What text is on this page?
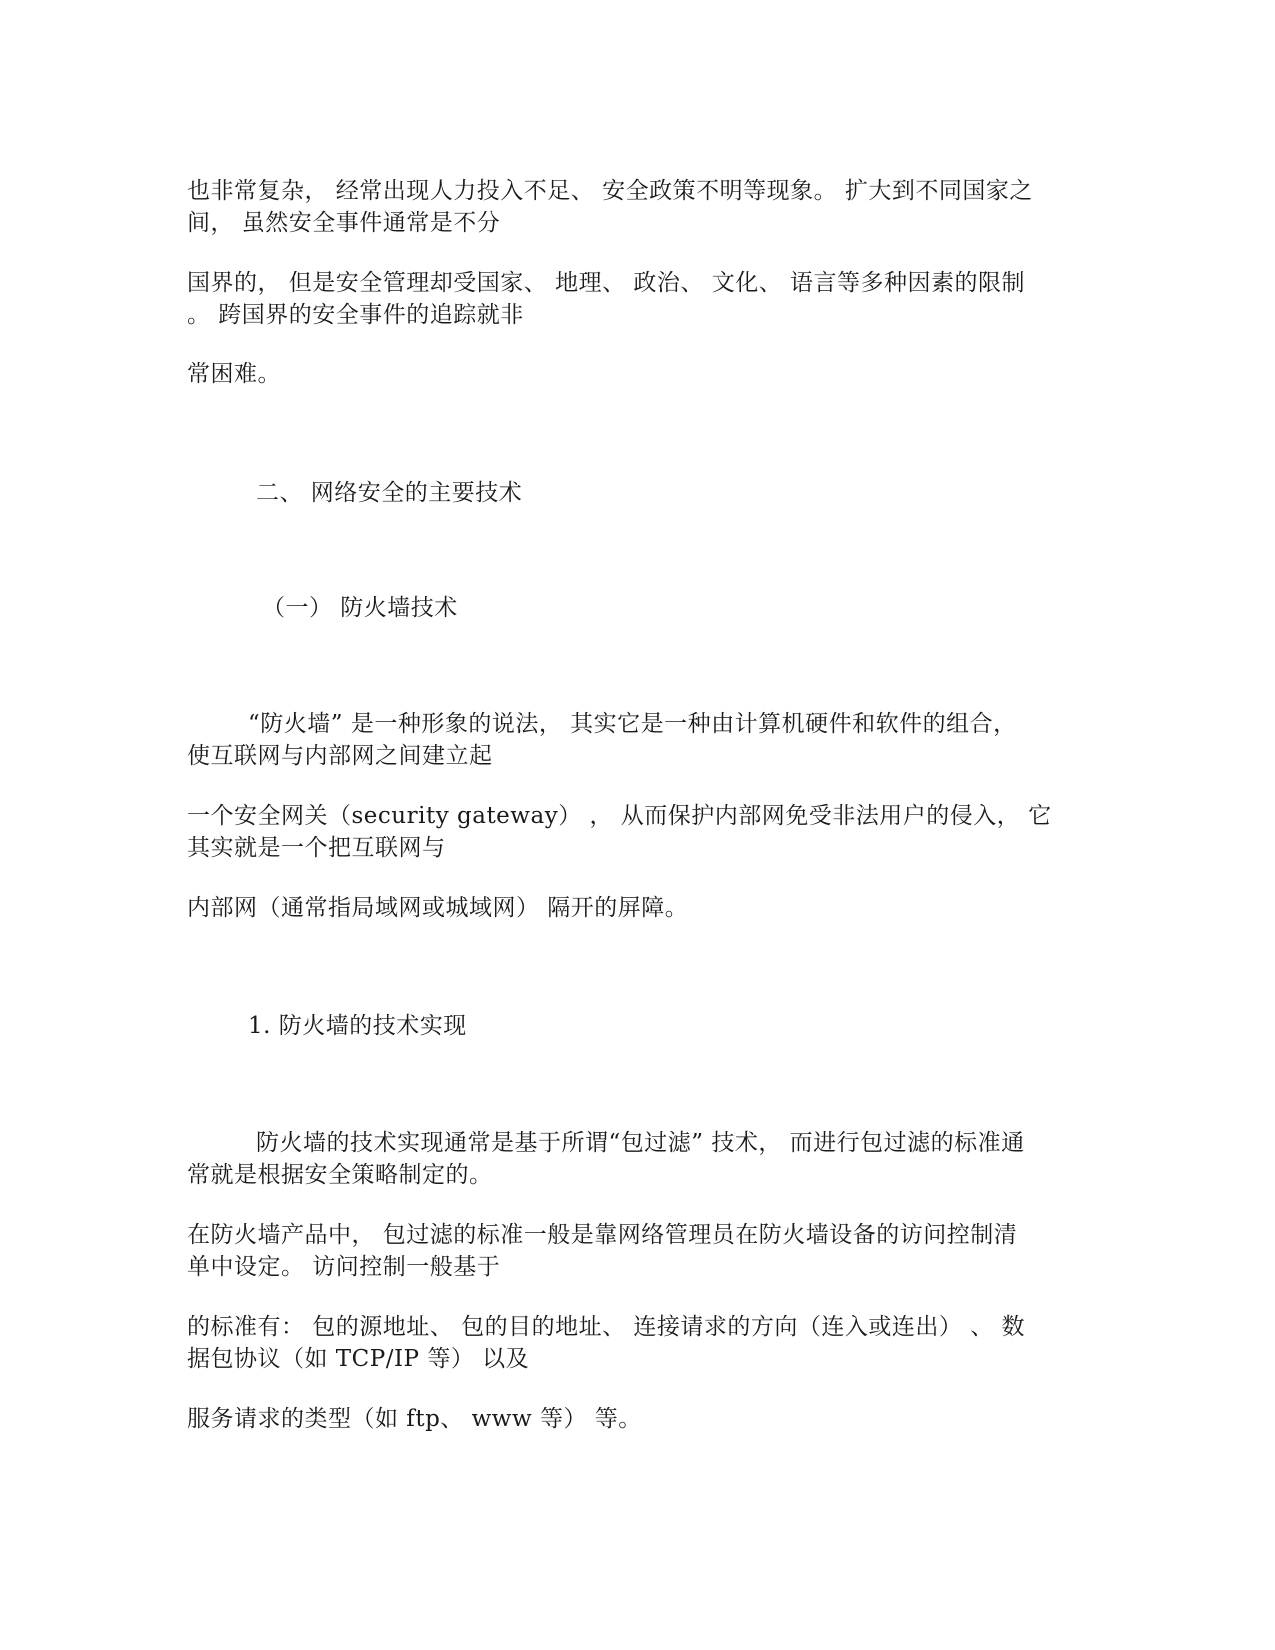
也非常复杂， 经常出现人力投入不足、 安全政策不明等现象。 扩大到不同国家之
间， 虽然安全事件通常是不分
国界的， 但是安全管理却受国家、 地理、 政治、 文化、 语言等多种因素的限制
。 跨国界的安全事件的追踪就非
常困难。
二、 网络安全的主要技术
（一） 防火墙技术
“防火墙” 是一种形象的说法， 其实它是一种由计算机硬件和软件的组合，
使互联网与内部网之间建立起
一个安全网关（security gateway） ， 从而保护内部网免受非法用户的侵入， 它
其实就是一个把互联网与
内部网（通常指局域网或城域网） 隔开的屏障。
1. 防火墙的技术实现
防火墙的技术实现通常是基于所谓“包过滤” 技术， 而进行包过滤的标准通
常就是根据安全策略制定的。
在防火墙产品中， 包过滤的标准一般是靠网络管理员在防火墙设备的访问控制清
单中设定。 访问控制一般基于
的标准有： 包的源地址、 包的目的地址、 连接请求的方向（连入或连出） 、 数
据包协议（如 TCP/IP 等） 以及
服务请求的类型（如 ftp、 www 等） 等。
